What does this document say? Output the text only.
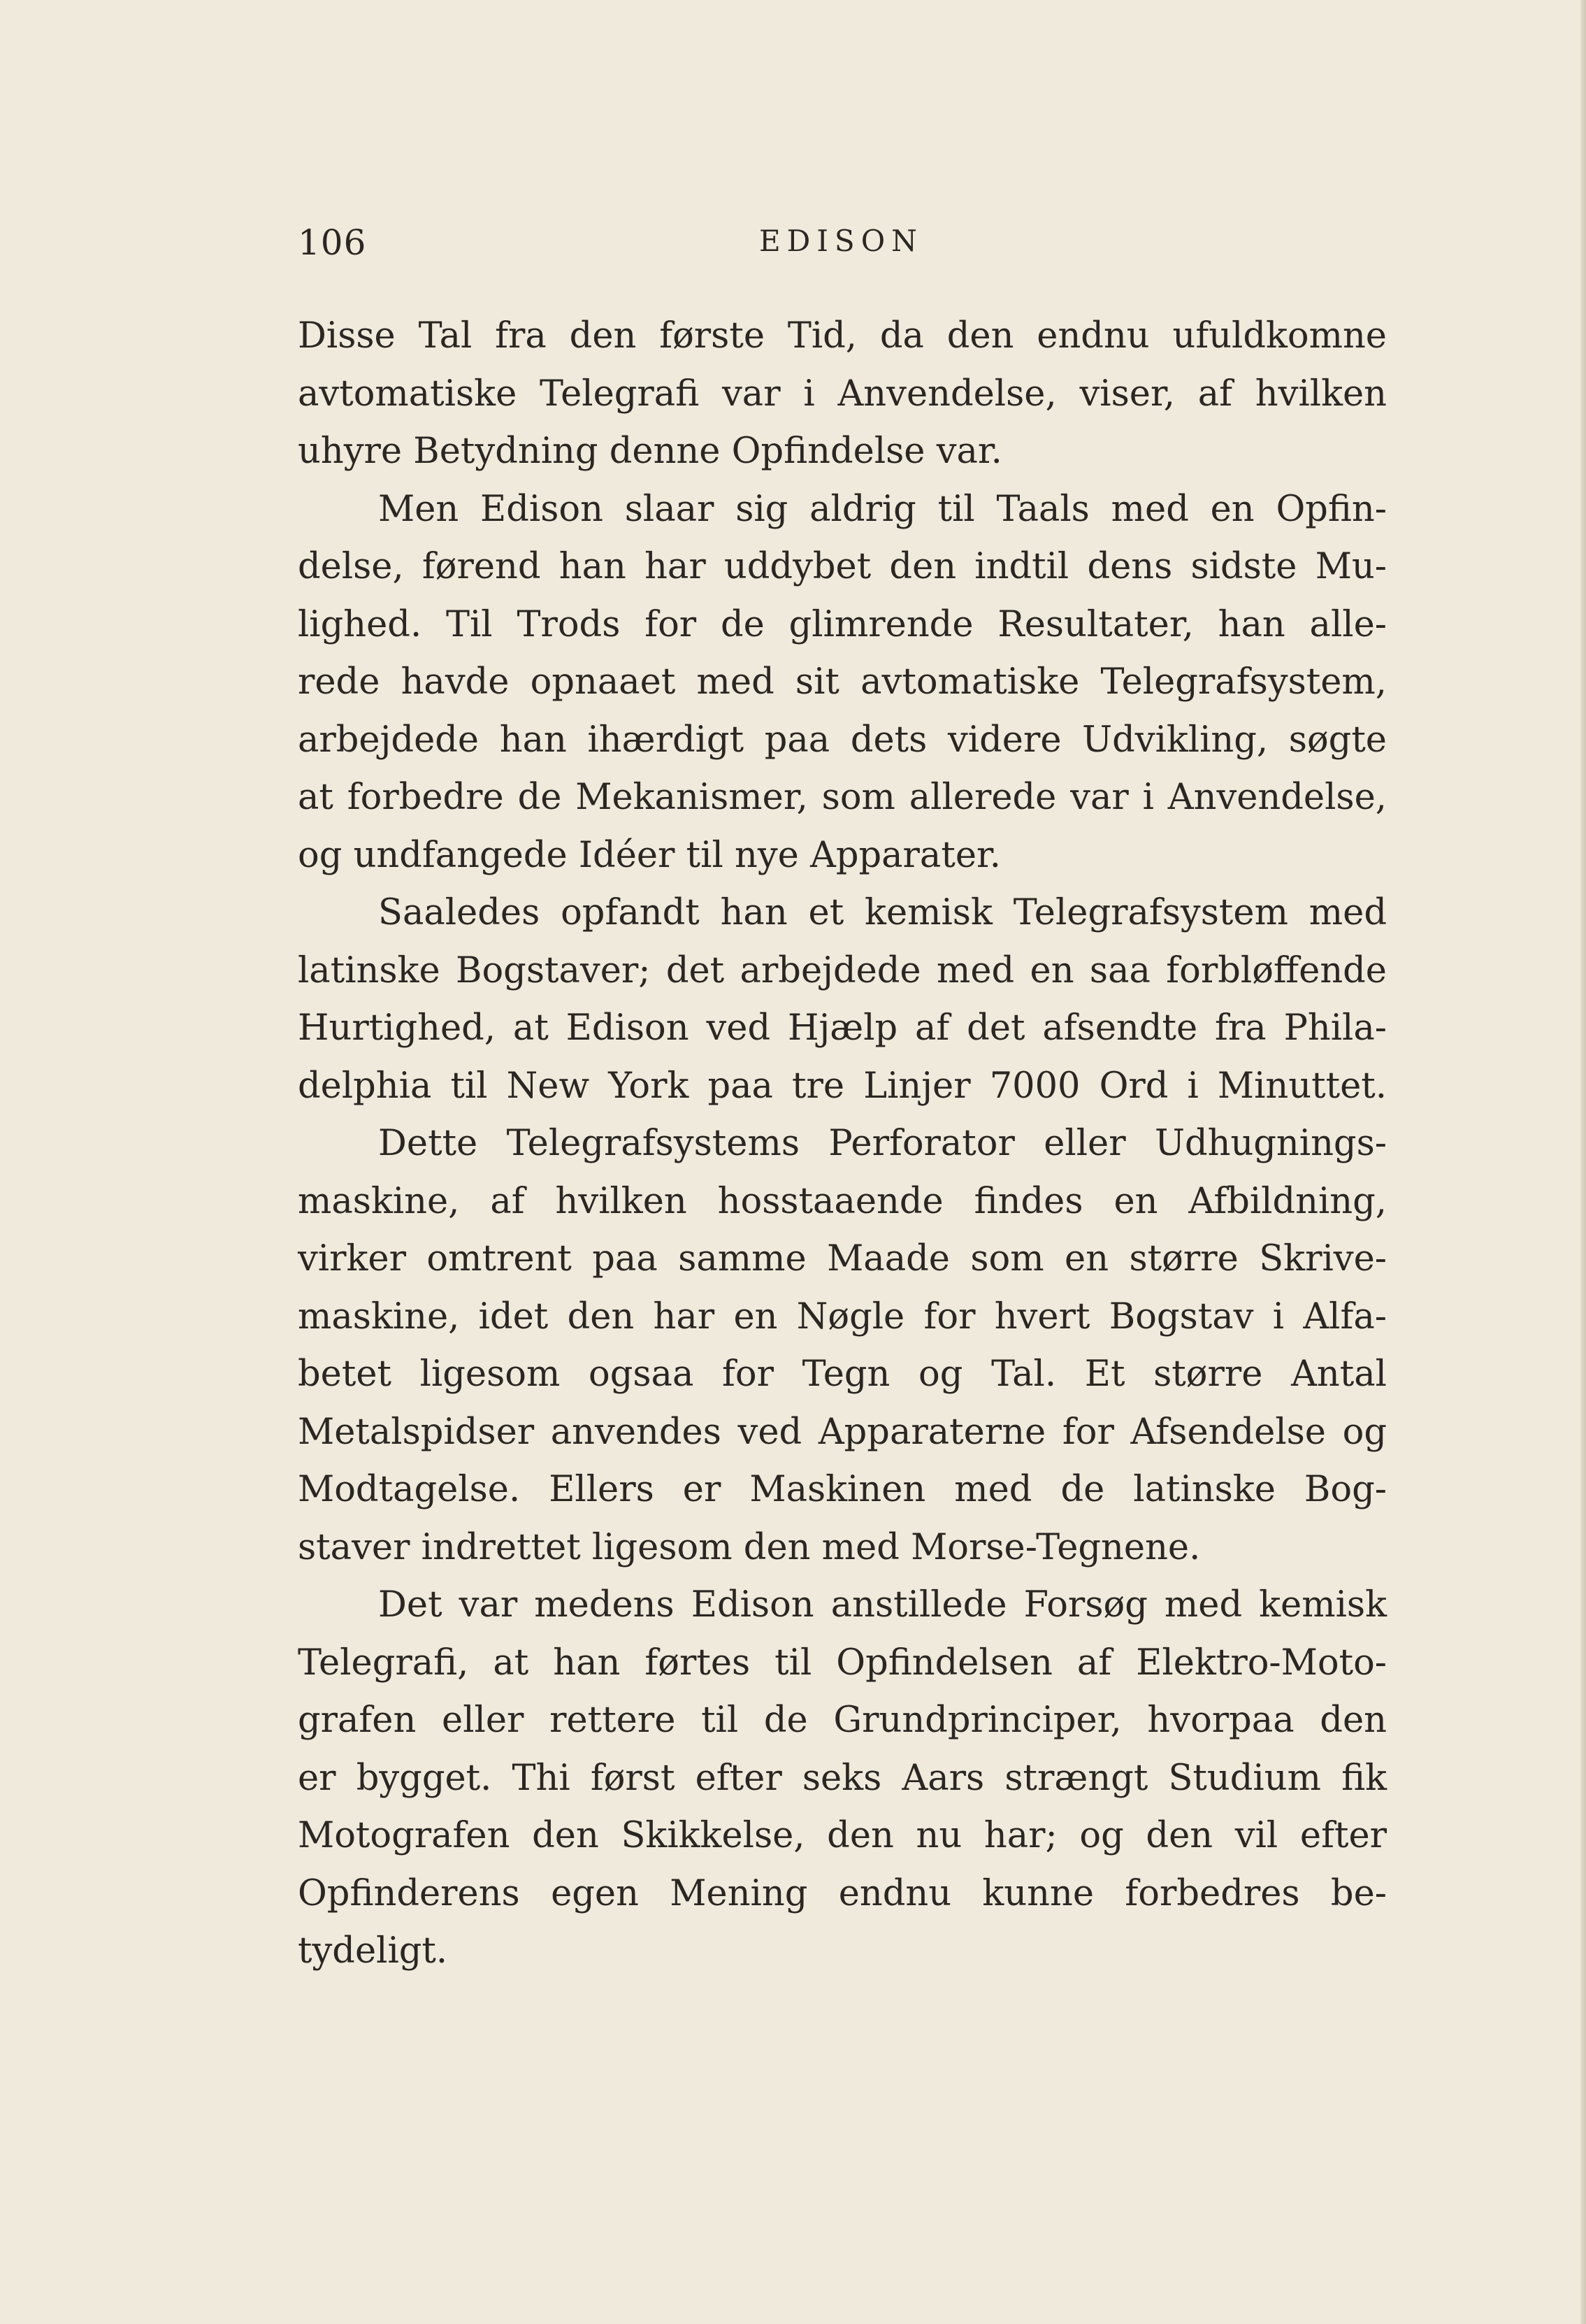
106	EDISON
Disse Tal fra den første Tid, da den endnu ufuldkomne
avtomatiske Telegrafi var i Anvendelse, viser, af hvilken
uhyre Betydning denne Opfindelse var.
Men Edison slaar sig aldrig til Taals med en Opfin-
delse, førend han har uddybet den indtil dens sidste Mu-
lighed. Til Trods for de glimrende Resultater, han alle-
rede havde opnaaet med sit avtomatiske Telegrafsystem,
arbejdede han ihærdigt paa dets videre Udvikling, søgte
at forbedre de Mekanismer, som allerede var i Anvendelse,
og undfangede Idéer til nye Apparater.
Saaledes opfandt han et kemisk Telegrafsystem med
latinske Bogstaver; det arbejdede med en saa forbløffende
Hurtighed, at Edison ved Hjælp af det afsendte fra Phila-
delphia til New York paa tre Linjer 7000 Ord i Minuttet.
Dette Telegrafsystems Perforator eller Udhugnings-
maskine, af hvilken hosstaaende findes en Afbildning,
virker omtrent paa samme Maade som en større Skrive-
maskine, idet den har en Nøgle for hvert Bogstav i Alfa-
betet ligesom ogsaa for Tegn og Tal. Et større Antal
Metalspidser anvendes ved Apparaterne for Afsendelse og
Modtagelse. Ellers er Maskinen med de latinske Bog-
staver indrettet ligesom den med Morse-Tegnene.
Det var medens Edison anstillede Forsøg med kemisk
Telegrafi, at han førtes til Opfindelsen af Elektro-Moto-
grafen eller rettere til de Grundprinciper, hvorpaa den
er bygget. Thi først efter seks Aars strængt Studium fik
Motografen den Skikkelse, den nu har; og den vil efter
Opfinderens egen Mening endnu kunne forbedres be-
tydeligt.
